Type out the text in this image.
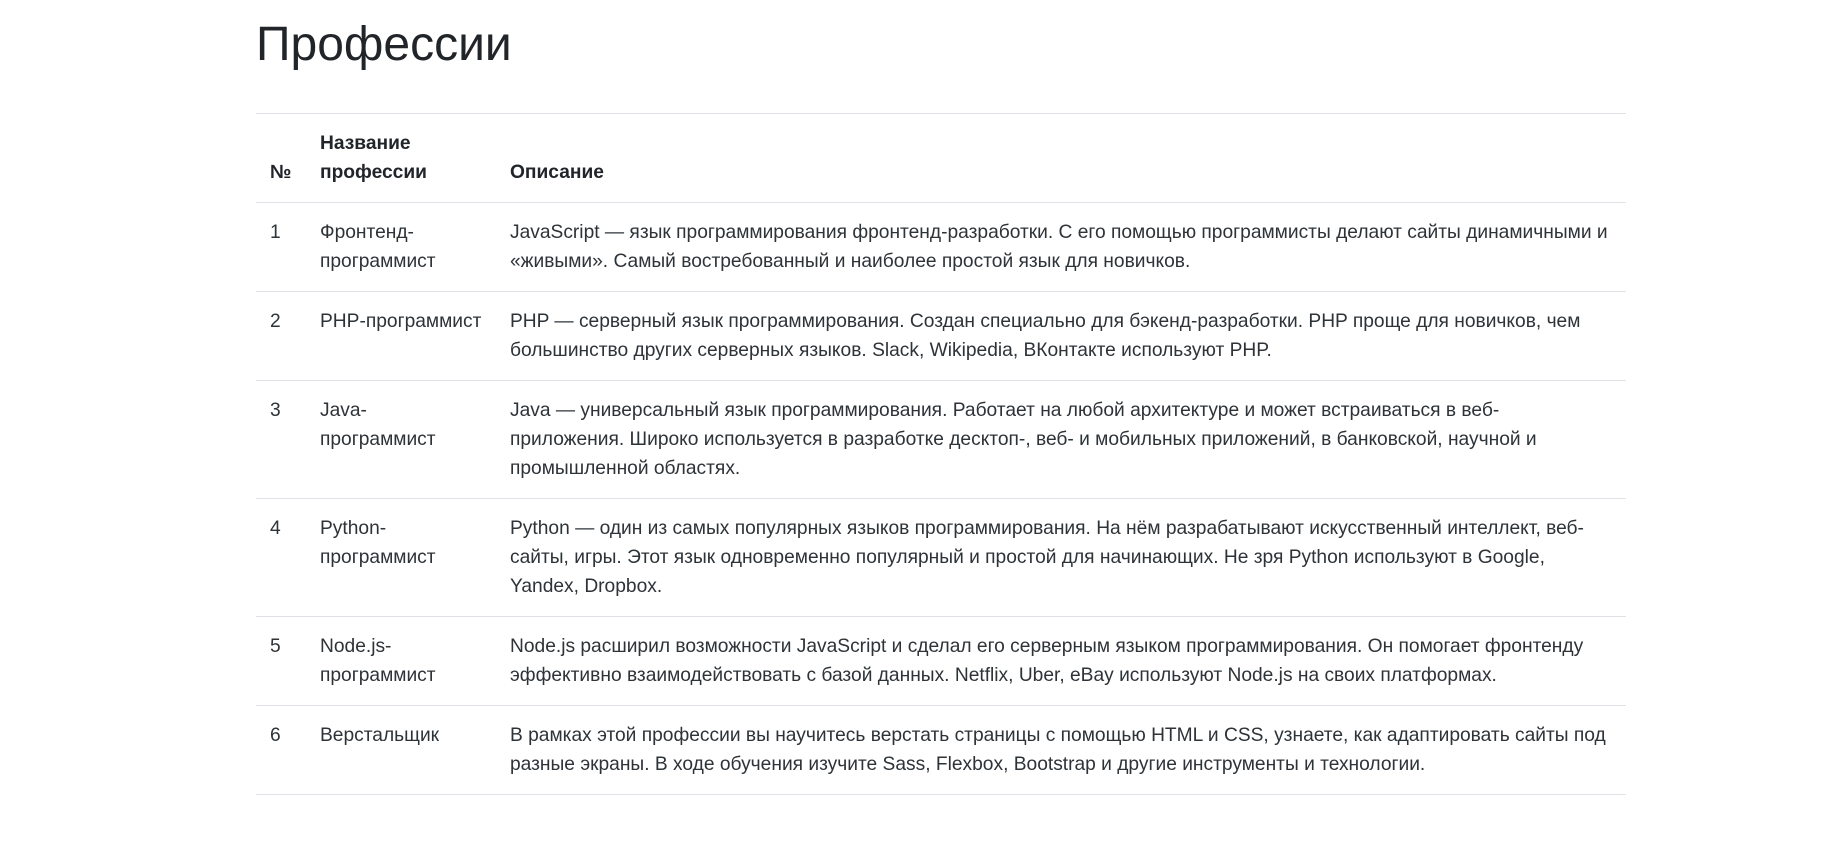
Профессии
№	Название профессии	Описание
1	Фронтенд-программист	JavaScript — язык программирования фронтенд-разработки. С его помощью программисты делают сайты динамичными и «живыми». Самый востребованный и наиболее простой язык для новичков.
2	PHP-программист	PHP — серверный язык программирования. Создан специально для бэкенд-разработки. PHP проще для новичков, чем большинство других серверных языков. Slack, Wikipedia, ВКонтакте используют PHP.
3	Java-программист	Java — универсальный язык программирования. Работает на любой архитектуре и может встраиваться в веб-приложения. Широко используется в разработке десктоп-, веб- и мобильных приложений, в банковской, научной и промышленной областях.
4	Python-программист	Python — один из самых популярных языков программирования. На нём разрабатывают искусственный интеллект, веб-сайты, игры. Этот язык одновременно популярный и простой для начинающих. Не зря Python используют в Google, Yandex, Dropbox.
5	Node.js-программист	Node.js расширил возможности JavaScript и сделал его серверным языком программирования. Он помогает фронтенду эффективно взаимодействовать с базой данных. Netflix, Uber, eBay используют Node.js на своих платформах.
6	Верстальщик	В рамках этой профессии вы научитесь верстать страницы с помощью HTML и CSS, узнаете, как адаптировать сайты под разные экраны. В ходе обучения изучите Sass, Flexbox, Bootstrap и другие инструменты и технологии.
